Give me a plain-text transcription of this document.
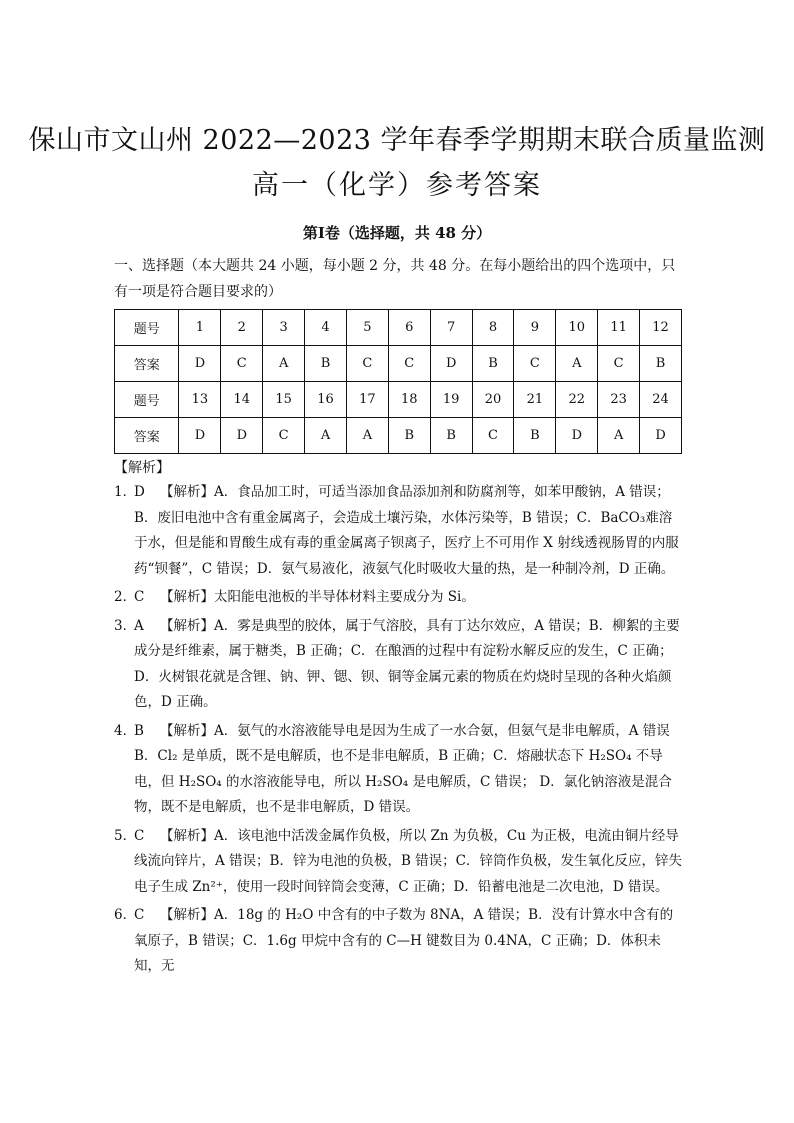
保山市文山州 2022—2023 学年春季学期期末联合质量监测
高一（化学）参考答案
第Ⅰ卷（选择题，共 48 分）
一、选择题（本大题共 24 小题，每小题 2 分，共 48 分。在每小题给出的四个选项中，只有一项是符合题目要求的）
题号	1	2	3	4	5	6	7	8	9	10	11	12
答案	D	C	A	B	C	C	D	B	C	A	C	B
题号	13	14	15	16	17	18	19	20	21	22	23	24
答案	D	D	C	A	A	B	B	C	B	D	A	D
【解析】
1．D 【解析】A．食品加工时，可适当添加食品添加剂和防腐剂等，如苯甲酸钠，A 错误；B．废旧电池中含有重金属离子，会造成土壤污染，水体污染等，B 错误；C．BaCO₃难溶于水，但是能和胃酸生成有毒的重金属离子钡离子，医疗上不可用作 X 射线透视肠胃的内服药“钡餐”，C 错误；D．氨气易液化，液氨气化时吸收大量的热，是一种制冷剂，D 正确。
2．C 【解析】太阳能电池板的半导体材料主要成分为 Si。
3．A 【解析】A．雾是典型的胶体，属于气溶胶，具有丁达尔效应，A 错误；B．柳絮的主要成分是纤维素，属于糖类，B 正确；C．在酿酒的过程中有淀粉水解反应的发生，C 正确；D．火树银花就是含锂、钠、钾、锶、钡、铜等金属元素的物质在灼烧时呈现的各种火焰颜色，D 正确。
4．B 【解析】A．氨气的水溶液能导电是因为生成了一水合氨，但氨气是非电解质，A 错误 B．Cl₂ 是单质，既不是电解质，也不是非电解质，B 正确；C．熔融状态下 H₂SO₄ 不导电，但 H₂SO₄ 的水溶液能导电，所以 H₂SO₄ 是电解质，C 错误； D．氯化钠溶液是混合物，既不是电解质，也不是非电解质，D 错误。
5．C 【解析】A．该电池中活泼金属作负极，所以 Zn 为负极，Cu 为正极，电流由铜片经导线流向锌片，A 错误；B．锌为电池的负极，B 错误；C．锌筒作负极，发生氧化反应，锌失电子生成 Zn²⁺，使用一段时间锌筒会变薄，C 正确；D．铅蓄电池是二次电池，D 错误。
6．C 【解析】A．18g 的 H₂O 中含有的中子数为 8NA，A 错误；B．没有计算水中含有的氧原子，B 错误；C．1.6g 甲烷中含有的 C—H 键数目为 0.4NA，C 正确；D．体积未知，无
